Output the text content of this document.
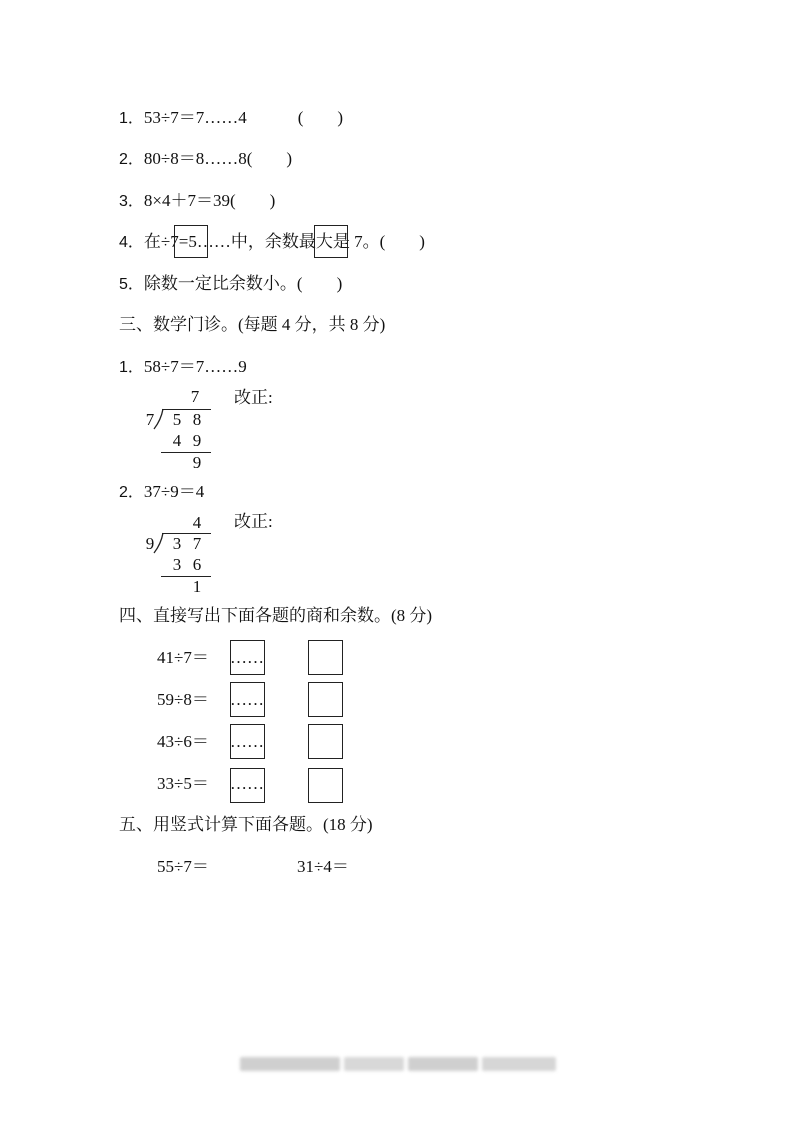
1．53÷7＝7……4　　　(　　)
2．80÷8＝8……8(　　)
3．8×4＋7＝39(　　)
4．在÷7=5……中，余数最大是 7。(　　)
5．除数一定比余数小。(　　)
三、数学门诊。(每题 4 分，共 8 分)
1．58÷7＝7……9
改正:
7
7 5 8
4 9
9
2．37÷9＝4
改正:
4
9 3 7
3 6
1
四、直接写出下面各题的商和余数。(8 分)
41÷7＝ ……
59÷8＝ ……
43÷6＝ ……
33÷5＝ ……
五、用竖式计算下面各题。(18 分)
55÷7＝	31÷4＝
